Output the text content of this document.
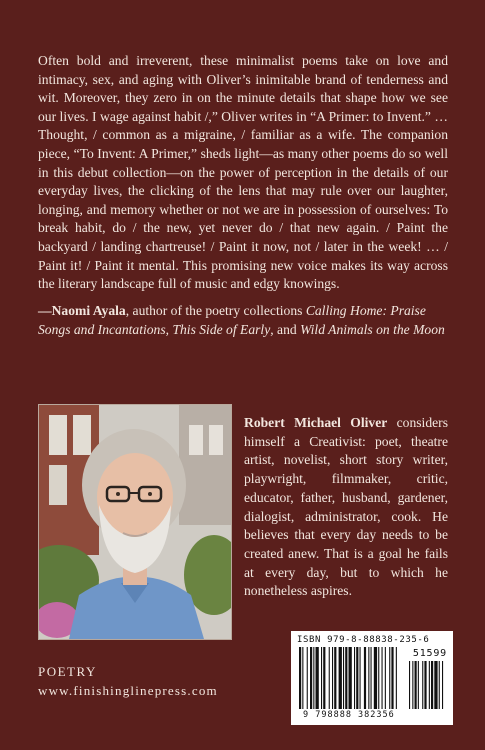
Often bold and irreverent, these minimalist poems take on love and intimacy, sex, and aging with Oliver’s inimitable brand of tenderness and wit. Moreover, they zero in on the minute details that shape how we see our lives. I wage against habit /,” Oliver writes in “A Primer: to Invent.” …Thought, / common as a migraine, / familiar as a wife. The companion piece, “To Invent: A Primer,” sheds light—as many other poems do so well in this debut collection—on the power of perception in the details of our everyday lives, the clicking of the lens that may rule over our laughter, longing, and memory whether or not we are in possession of ourselves: To break habit, do / the new, yet never do / that new again. / Paint the backyard / landing chartreuse! / Paint it now, not / later in the week! … / Paint it! / Paint it mental. This promising new voice makes its way across the literary landscape full of music and edgy knowings.

—Naomi Ayala, author of the poetry collections Calling Home: Praise Songs and Incantations, This Side of Early, and Wild Animals on the Moon

Robert Michael Oliver considers himself a Creativist: poet, theatre artist, novelist, short story writer, playwright, filmmaker, critic, educator, father, husband, gardener, dialogist, administrator, cook. He believes that every day needs to be created anew. That is a goal he fails at every day, but to which he nonetheless aspires.

POETRY

www.finishinglinepress.com

ISBN 979-8-88838-235-6
51599
9 798888 382356
